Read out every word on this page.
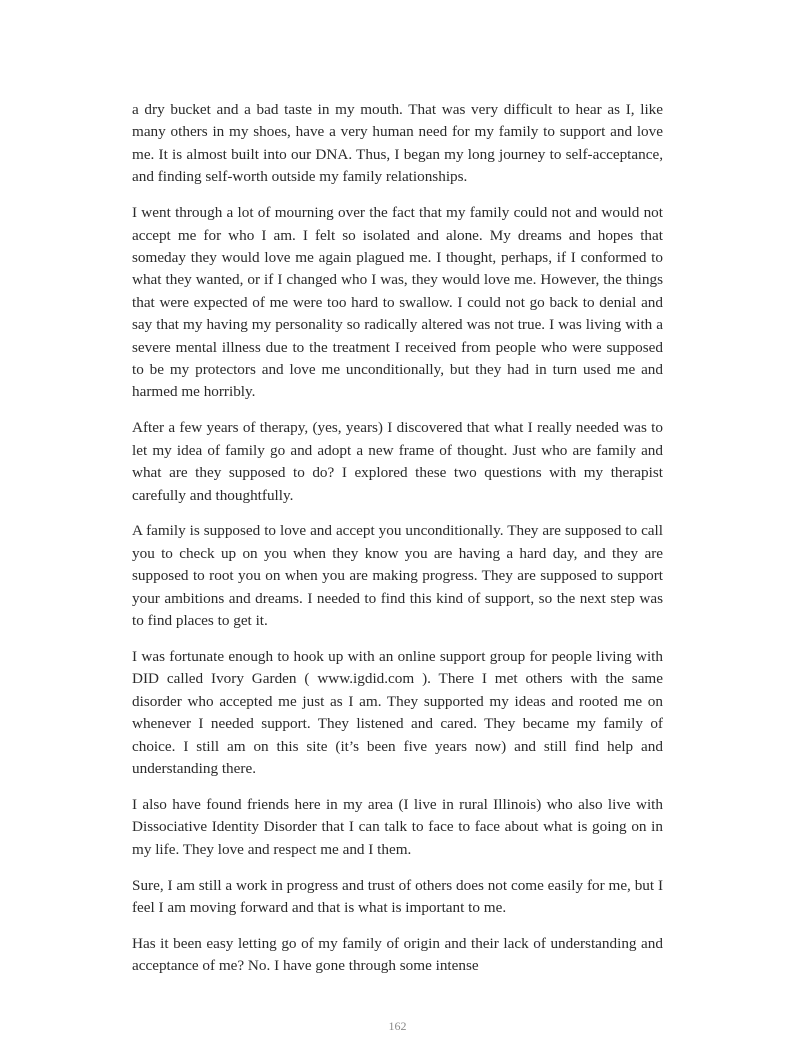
a dry bucket and a bad taste in my mouth. That was very difficult to hear as I, like many others in my shoes, have a very human need for my family to support and love me. It is almost built into our DNA. Thus, I began my long journey to self-acceptance, and finding self-worth outside my family relationships.

I went through a lot of mourning over the fact that my family could not and would not accept me for who I am. I felt so isolated and alone. My dreams and hopes that someday they would love me again plagued me. I thought, perhaps, if I conformed to what they wanted, or if I changed who I was, they would love me. However, the things that were expected of me were too hard to swallow. I could not go back to denial and say that my having my personality so radically altered was not true. I was living with a severe mental illness due to the treatment I received from people who were supposed to be my protectors and love me unconditionally, but they had in turn used me and harmed me horribly.

After a few years of therapy, (yes, years) I discovered that what I really needed was to let my idea of family go and adopt a new frame of thought. Just who are family and what are they supposed to do? I explored these two questions with my therapist carefully and thoughtfully.

A family is supposed to love and accept you unconditionally. They are supposed to call you to check up on you when they know you are having a hard day, and they are supposed to root you on when you are making progress. They are supposed to support your ambitions and dreams. I needed to find this kind of support, so the next step was to find places to get it.

I was fortunate enough to hook up with an online support group for people living with DID called Ivory Garden ( www.igdid.com ). There I met others with the same disorder who accepted me just as I am. They supported my ideas and rooted me on whenever I needed support. They listened and cared. They became my family of choice. I still am on this site (it’s been five years now) and still find help and understanding there.

I also have found friends here in my area (I live in rural Illinois) who also live with Dissociative Identity Disorder that I can talk to face to face about what is going on in my life. They love and respect me and I them.

Sure, I am still a work in progress and trust of others does not come easily for me, but I feel I am moving forward and that is what is important to me.

Has it been easy letting go of my family of origin and their lack of understanding and acceptance of me? No. I have gone through some intense

162
